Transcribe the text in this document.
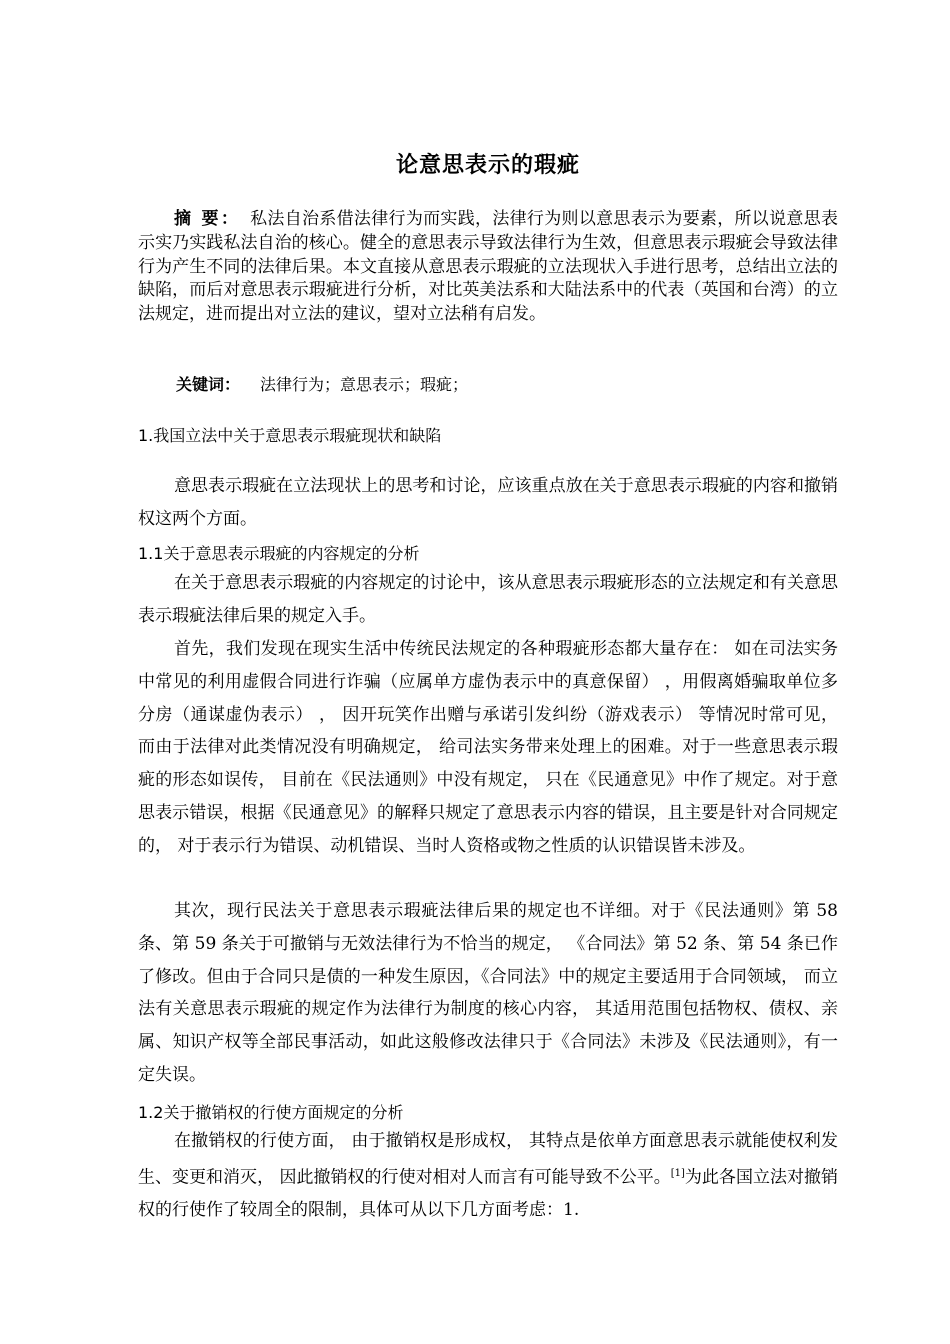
论意思表示的瑕疵
摘 要： 私法自治系借法律行为而实践，法律行为则以意思表示为要素，所以说意思表示实乃实践私法自治的核心。健全的意思表示导致法律行为生效，但意思表示瑕疵会导致法律行为产生不同的法律后果。本文直接从意思表示瑕疵的立法现状入手进行思考，总结出立法的缺陷，而后对意思表示瑕疵进行分析，对比英美法系和大陆法系中的代表（英国和台湾）的立法规定，进而提出对立法的建议，望对立法稍有启发。
关键词： 法律行为；意思表示；瑕疵；
1.我国立法中关于意思表示瑕疵现状和缺陷
意思表示瑕疵在立法现状上的思考和讨论，应该重点放在关于意思表示瑕疵的内容和撤销权这两个方面。
1.1关于意思表示瑕疵的内容规定的分析
在关于意思表示瑕疵的内容规定的讨论中，该从意思表示瑕疵形态的立法规定和有关意思表示瑕疵法律后果的规定入手。
首先，我们发现在现实生活中传统民法规定的各种瑕疵形态都大量存在： 如在司法实务中常见的利用虚假合同进行诈骗（应属单方虚伪表示中的真意保留） ，用假离婚骗取单位多分房（通谋虚伪表示） ， 因开玩笑作出赠与承诺引发纠纷（游戏表示） 等情况时常可见， 而由于法律对此类情况没有明确规定， 给司法实务带来处理上的困难。对于一些意思表示瑕疵的形态如误传， 目前在《民法通则》中没有规定， 只在《民通意见》中作了规定。对于意思表示错误，根据《民通意见》的解释只规定了意思表示内容的错误，且主要是针对合同规定的， 对于表示行为错误、动机错误、当时人资格或物之性质的认识错误皆未涉及。
其次，现行民法关于意思表示瑕疵法律后果的规定也不详细。对于《民法通则》第 58 条、第 59 条关于可撤销与无效法律行为不恰当的规定， 《合同法》第 52 条、第 54 条已作了修改。但由于合同只是债的一种发生原因，《合同法》中的规定主要适用于合同领域， 而立法有关意思表示瑕疵的规定作为法律行为制度的核心内容， 其适用范围包括物权、债权、亲属、知识产权等全部民事活动，如此这般修改法律只于《合同法》未涉及《民法通则》，有一定失误。
1.2关于撤销权的行使方面规定的分析
在撤销权的行使方面， 由于撤销权是形成权， 其特点是依单方面意思表示就能使权利发生、变更和消灭， 因此撤销权的行使对相对人而言有可能导致不公平。[1]为此各国立法对撤销权的行使作了较周全的限制，具体可从以下几方面考虑：1.
